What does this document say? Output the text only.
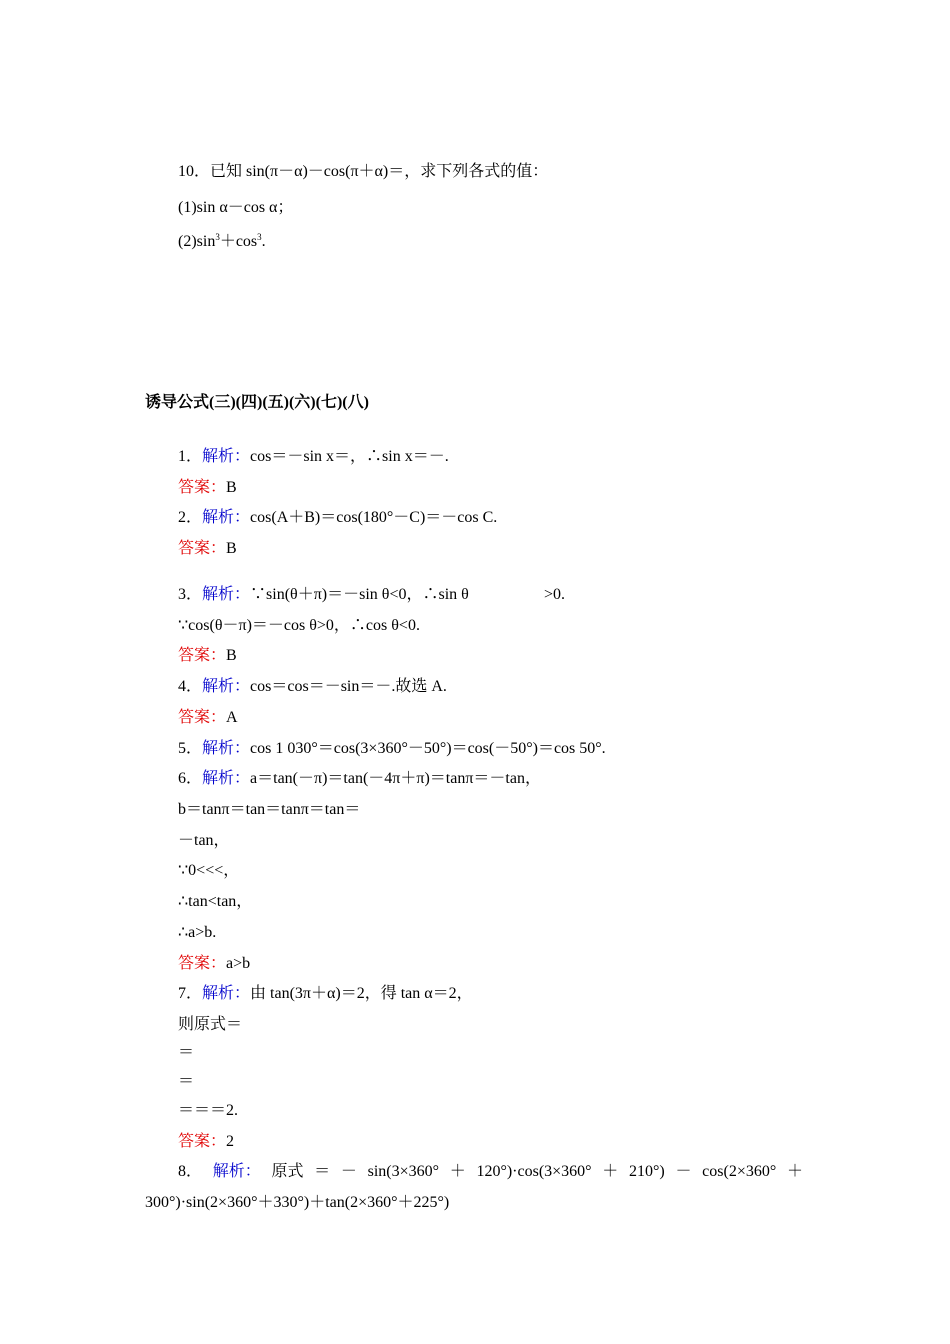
10．已知 sin(π－α)－cos(π＋α)＝，求下列各式的值：
(1)sin α－cos α；
$(2)\sin^3+\cos^3$.
诱导公式(三)(四)(五)(六)(七)(八)
1．解析：cos＝－sin x＝，∴sin x＝－.
答案：B
2．解析：cos(A＋B)＝cos(180°－C)＝－cos C.
答案：B
3．解析：∵sin(θ＋π)＝－sin θ<0，∴sin θ	>0.
∵cos(θ－π)＝－cos θ>0，∴cos θ<0.
答案：B
4．解析：cos＝cos＝－sin＝－.故选 A.
答案：A
5．解析：cos 1 030°＝cos(3×360°－50°)＝cos(－50°)＝cos 50°.
6．解析：a＝tan(－π)＝tan(－4π＋π)＝tanπ＝－tan，
b＝tanπ＝tan＝tanπ＝tan＝
－tan，
∵0<<<，
∴tan<tan，
∴a>b.
答案：a>b
7．解析：由 tan(3π＋α)＝2，得 tan α＝2，
则原式＝
＝
＝
＝＝＝2.
答案：2
8． 解析： 原式 ＝ － sin(3×360° ＋ 120°)·cos(3×360° ＋ 210°) － cos(2×360° ＋
300°)·sin(2×360°＋330°)＋tan(2×360°＋225°)
